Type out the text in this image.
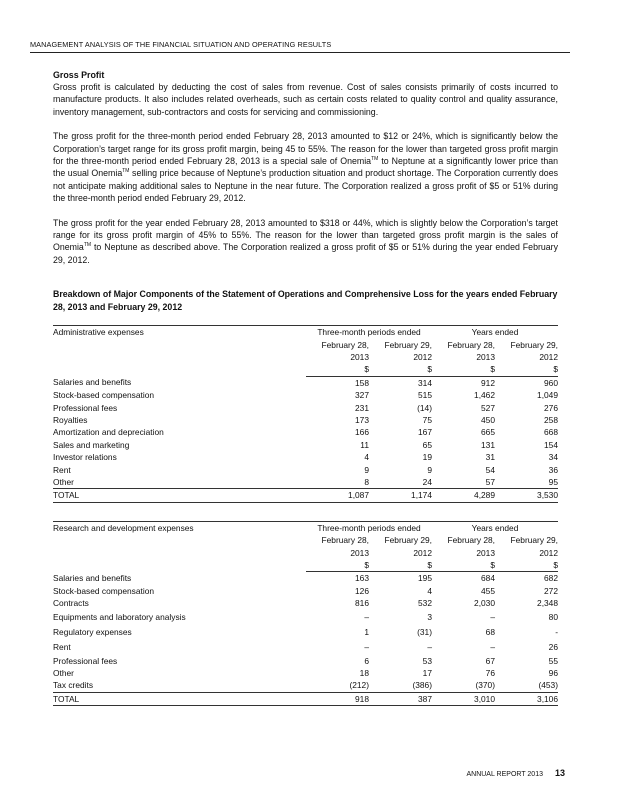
MANAGEMENT ANALYSIS OF THE FINANCIAL SITUATION AND OPERATING RESULTS
Gross Profit

Gross profit is calculated by deducting the cost of sales from revenue. Cost of sales consists primarily of costs incurred to manufacture products. It also includes related overheads, such as certain costs related to quality control and quality assurance, inventory management, sub-contractors and costs for servicing and commissioning.

The gross profit for the three-month period ended February 28, 2013 amounted to $12 or 24%, which is significantly below the Corporation’s target range for its gross profit margin, being 45 to 55%. The reason for the lower than targeted gross profit margin for the three-month period ended February 28, 2013 is a special sale of Onemia™ to Neptune at a significantly lower price than the usual Onemia™ selling price because of Neptune’s production situation and product shortage. The Corporation currently does not anticipate making additional sales to Neptune in the near future. The Corporation realized a gross profit of $5 or 51% during the three-month period ended February 29, 2012.

The gross profit for the year ended February 28, 2013 amounted to $318 or 44%, which is slightly below the Corporation’s target range for its gross profit margin of 45% to 55%. The reason for the lower than targeted gross profit margin is the sales of Onemia™ to Neptune as described above. The Corporation realized a gross profit of $5 or 51% during the year ended February 29, 2012.

Breakdown of Major Components of the Statement of Operations and Comprehensive Loss for the years ended February 28, 2013 and February 29, 2012
Administrative expenses	Three-month periods ended		Years ended	
	February 28,	February 29,	February 28,	February 29,
	2013	2012	2013	2012
	$	$	$	$
Salaries and benefits	158	314	912	960
Stock-based compensation	327	515	1,462	1,049
Professional fees	231	(14)	527	276
Royalties	173	75	450	258
Amortization and depreciation	166	167	665	668
Sales and marketing	11	65	131	154
Investor relations	4	19	31	34
Rent	9	9	54	36
Other	8	24	57	95
TOTAL	1,087	1,174	4,289	3,530
Research and development expenses	Three-month periods ended		Years ended	
	February 28,	February 29,	February 28,	February 29,
	2013	2012	2013	2012
	$	$	$	$
Salaries and benefits	163	195	684	682
Stock-based compensation	126	4	455	272
Contracts	816	532	2,030	2,348
Equipments and laboratory analysis	–	3	–	80
Regulatory expenses	1	(31)	68	-
Rent	–	–	–	26
Professional fees	6	53	67	55
Other	18	17	76	96
Tax credits	(212)	(386)	(370)	(453)
TOTAL	918	387	3,010	3,106
ANNUAL REPORT 2013 13
